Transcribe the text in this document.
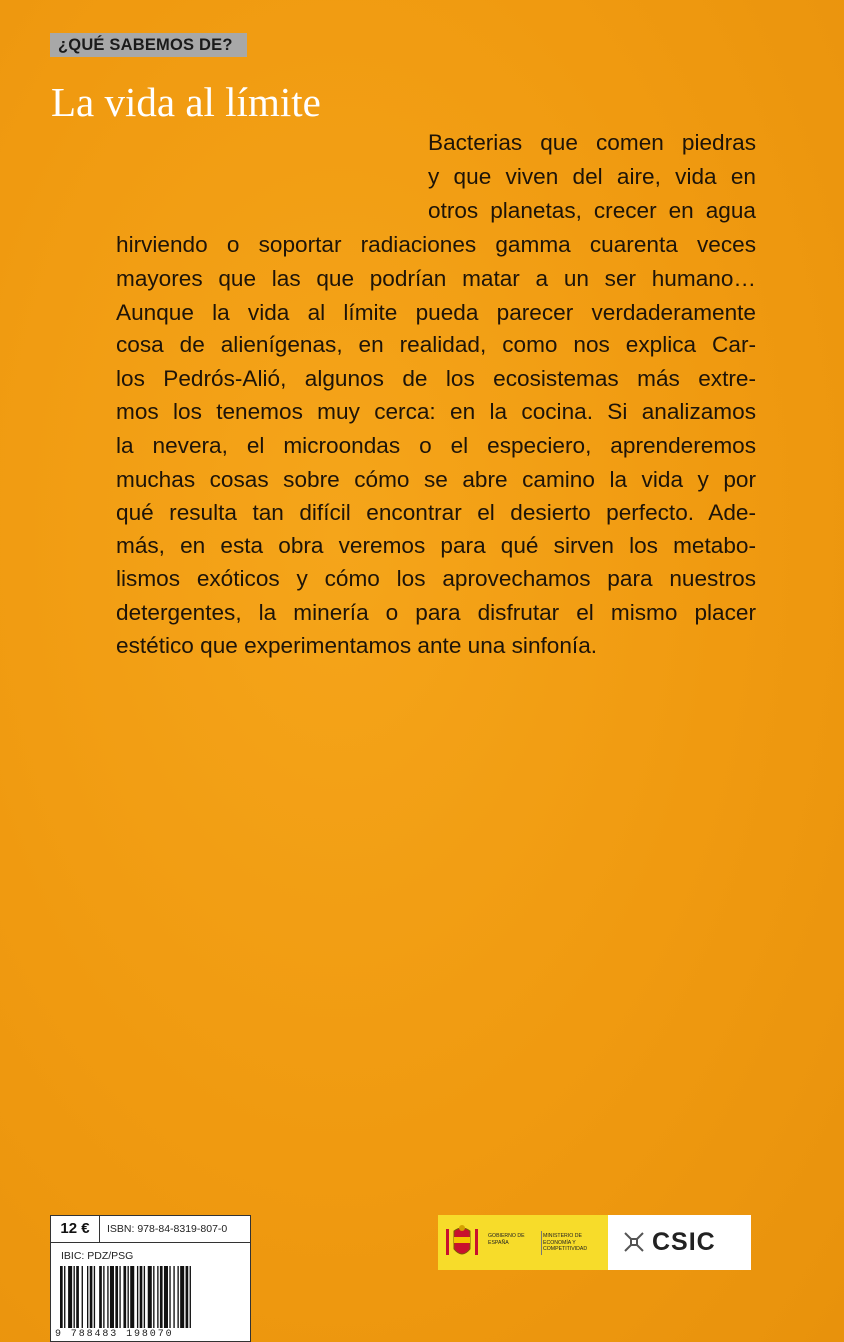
¿QUÉ SABEMOS DE?
La vida al límite
Bacterias que comen piedras
y que viven del aire, vida en
otros planetas, crecer en agua
hirviendo o soportar radiaciones gamma cuarenta veces
mayores que las que podrían matar a un ser humano…
Aunque la vida al límite pueda parecer verdaderamente
cosa de alienígenas, en realidad, como nos explica Car-
los Pedrós-Alió, algunos de los ecosistemas más extre-
mos los tenemos muy cerca: en la cocina. Si analizamos
la nevera, el microondas o el especiero, aprenderemos
muchas cosas sobre cómo se abre camino la vida y por
qué resulta tan difícil encontrar el desierto perfecto. Ade-
más, en esta obra veremos para qué sirven los metabo-
lismos exóticos y cómo los aprovechamos para nuestros
detergentes, la minería o para disfrutar el mismo placer
estético que experimentamos ante una sinfonía.
12 €	ISBN: 978-84-8319-807-0
IBIC: PDZ/PSG
9 788483 198070
GOBIERNO DE ESPAÑA
MINISTERIO DE ECONOMÍA Y COMPETITIVIDAD	CSIC
